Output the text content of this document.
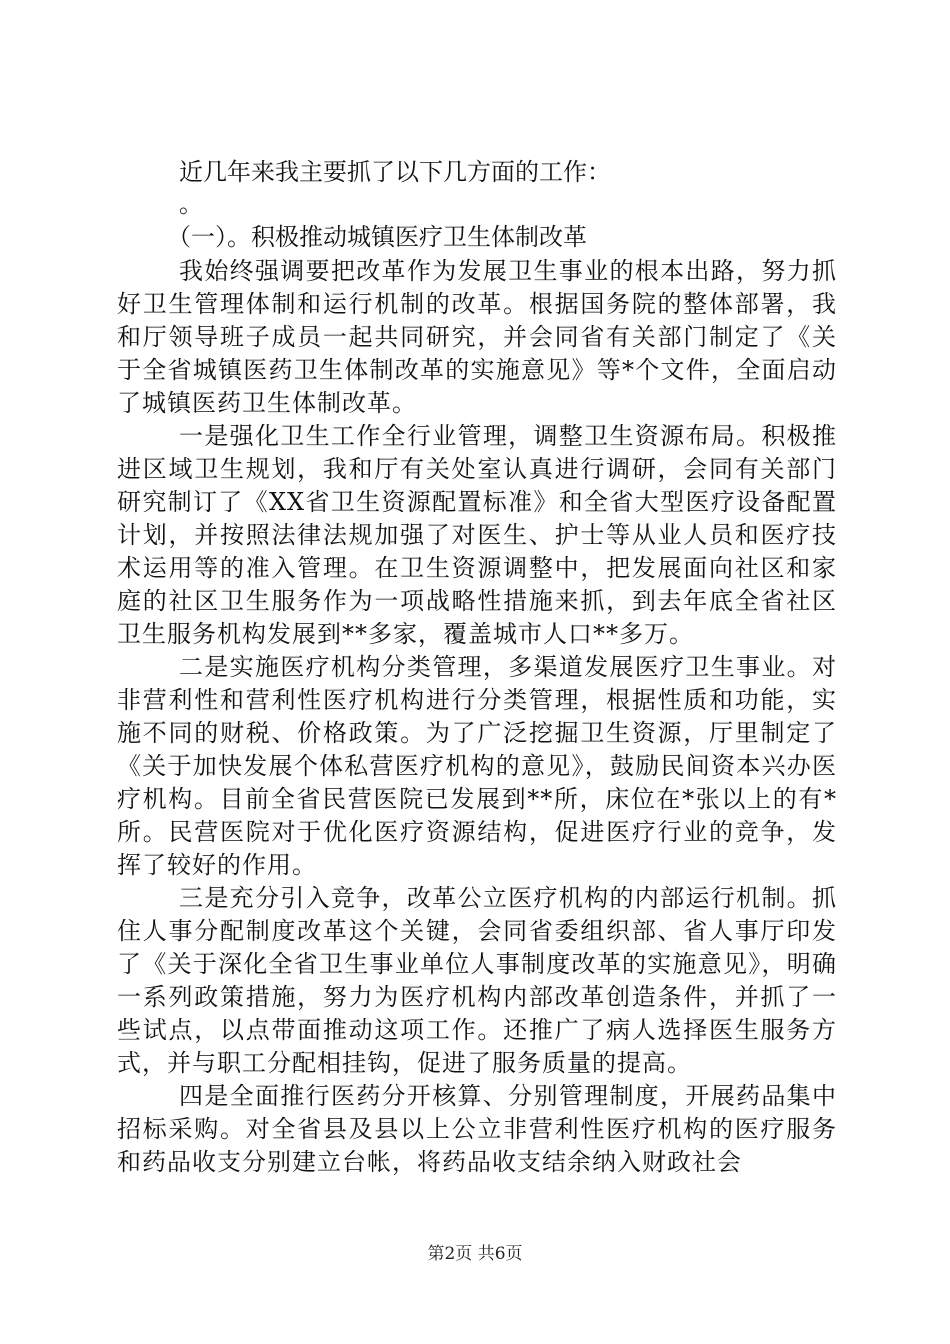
近几年来我主要抓了以下几方面的工作：

。

（一）。积极推动城镇医疗卫生体制改革

我始终强调要把改革作为发展卫生事业的根本出路，努力抓好卫生管理体制和运行机制的改革。根据国务院的整体部署，我和厅领导班子成员一起共同研究，并会同省有关部门制定了《关于全省城镇医药卫生体制改革的实施意见》等*个文件，全面启动了城镇医药卫生体制改革。

一是强化卫生工作全行业管理，调整卫生资源布局。积极推进区域卫生规划，我和厅有关处室认真进行调研，会同有关部门研究制订了《XX省卫生资源配置标准》和全省大型医疗设备配置计划，并按照法律法规加强了对医生、护士等从业人员和医疗技术运用等的准入管理。在卫生资源调整中，把发展面向社区和家庭的社区卫生服务作为一项战略性措施来抓，到去年底全省社区卫生服务机构发展到**多家，覆盖城市人口**多万。

二是实施医疗机构分类管理，多渠道发展医疗卫生事业。对非营利性和营利性医疗机构进行分类管理，根据性质和功能，实施不同的财税、价格政策。为了广泛挖掘卫生资源，厅里制定了《关于加快发展个体私营医疗机构的意见》，鼓励民间资本兴办医疗机构。目前全省民营医院已发展到**所，床位在*张以上的有*所。民营医院对于优化医疗资源结构，促进医疗行业的竞争，发挥了较好的作用。

三是充分引入竞争，改革公立医疗机构的内部运行机制。抓住人事分配制度改革这个关键，会同省委组织部、省人事厅印发了《关于深化全省卫生事业单位人事制度改革的实施意见》，明确一系列政策措施，努力为医疗机构内部改革创造条件，并抓了一些试点，以点带面推动这项工作。还推广了病人选择医生服务方式，并与职工分配相挂钩，促进了服务质量的提高。

四是全面推行医药分开核算、分别管理制度，开展药品集中招标采购。对全省县及县以上公立非营利性医疗机构的医疗服务和药品收支分别建立台帐，将药品收支结余纳入财政社会

第2页 共6页
